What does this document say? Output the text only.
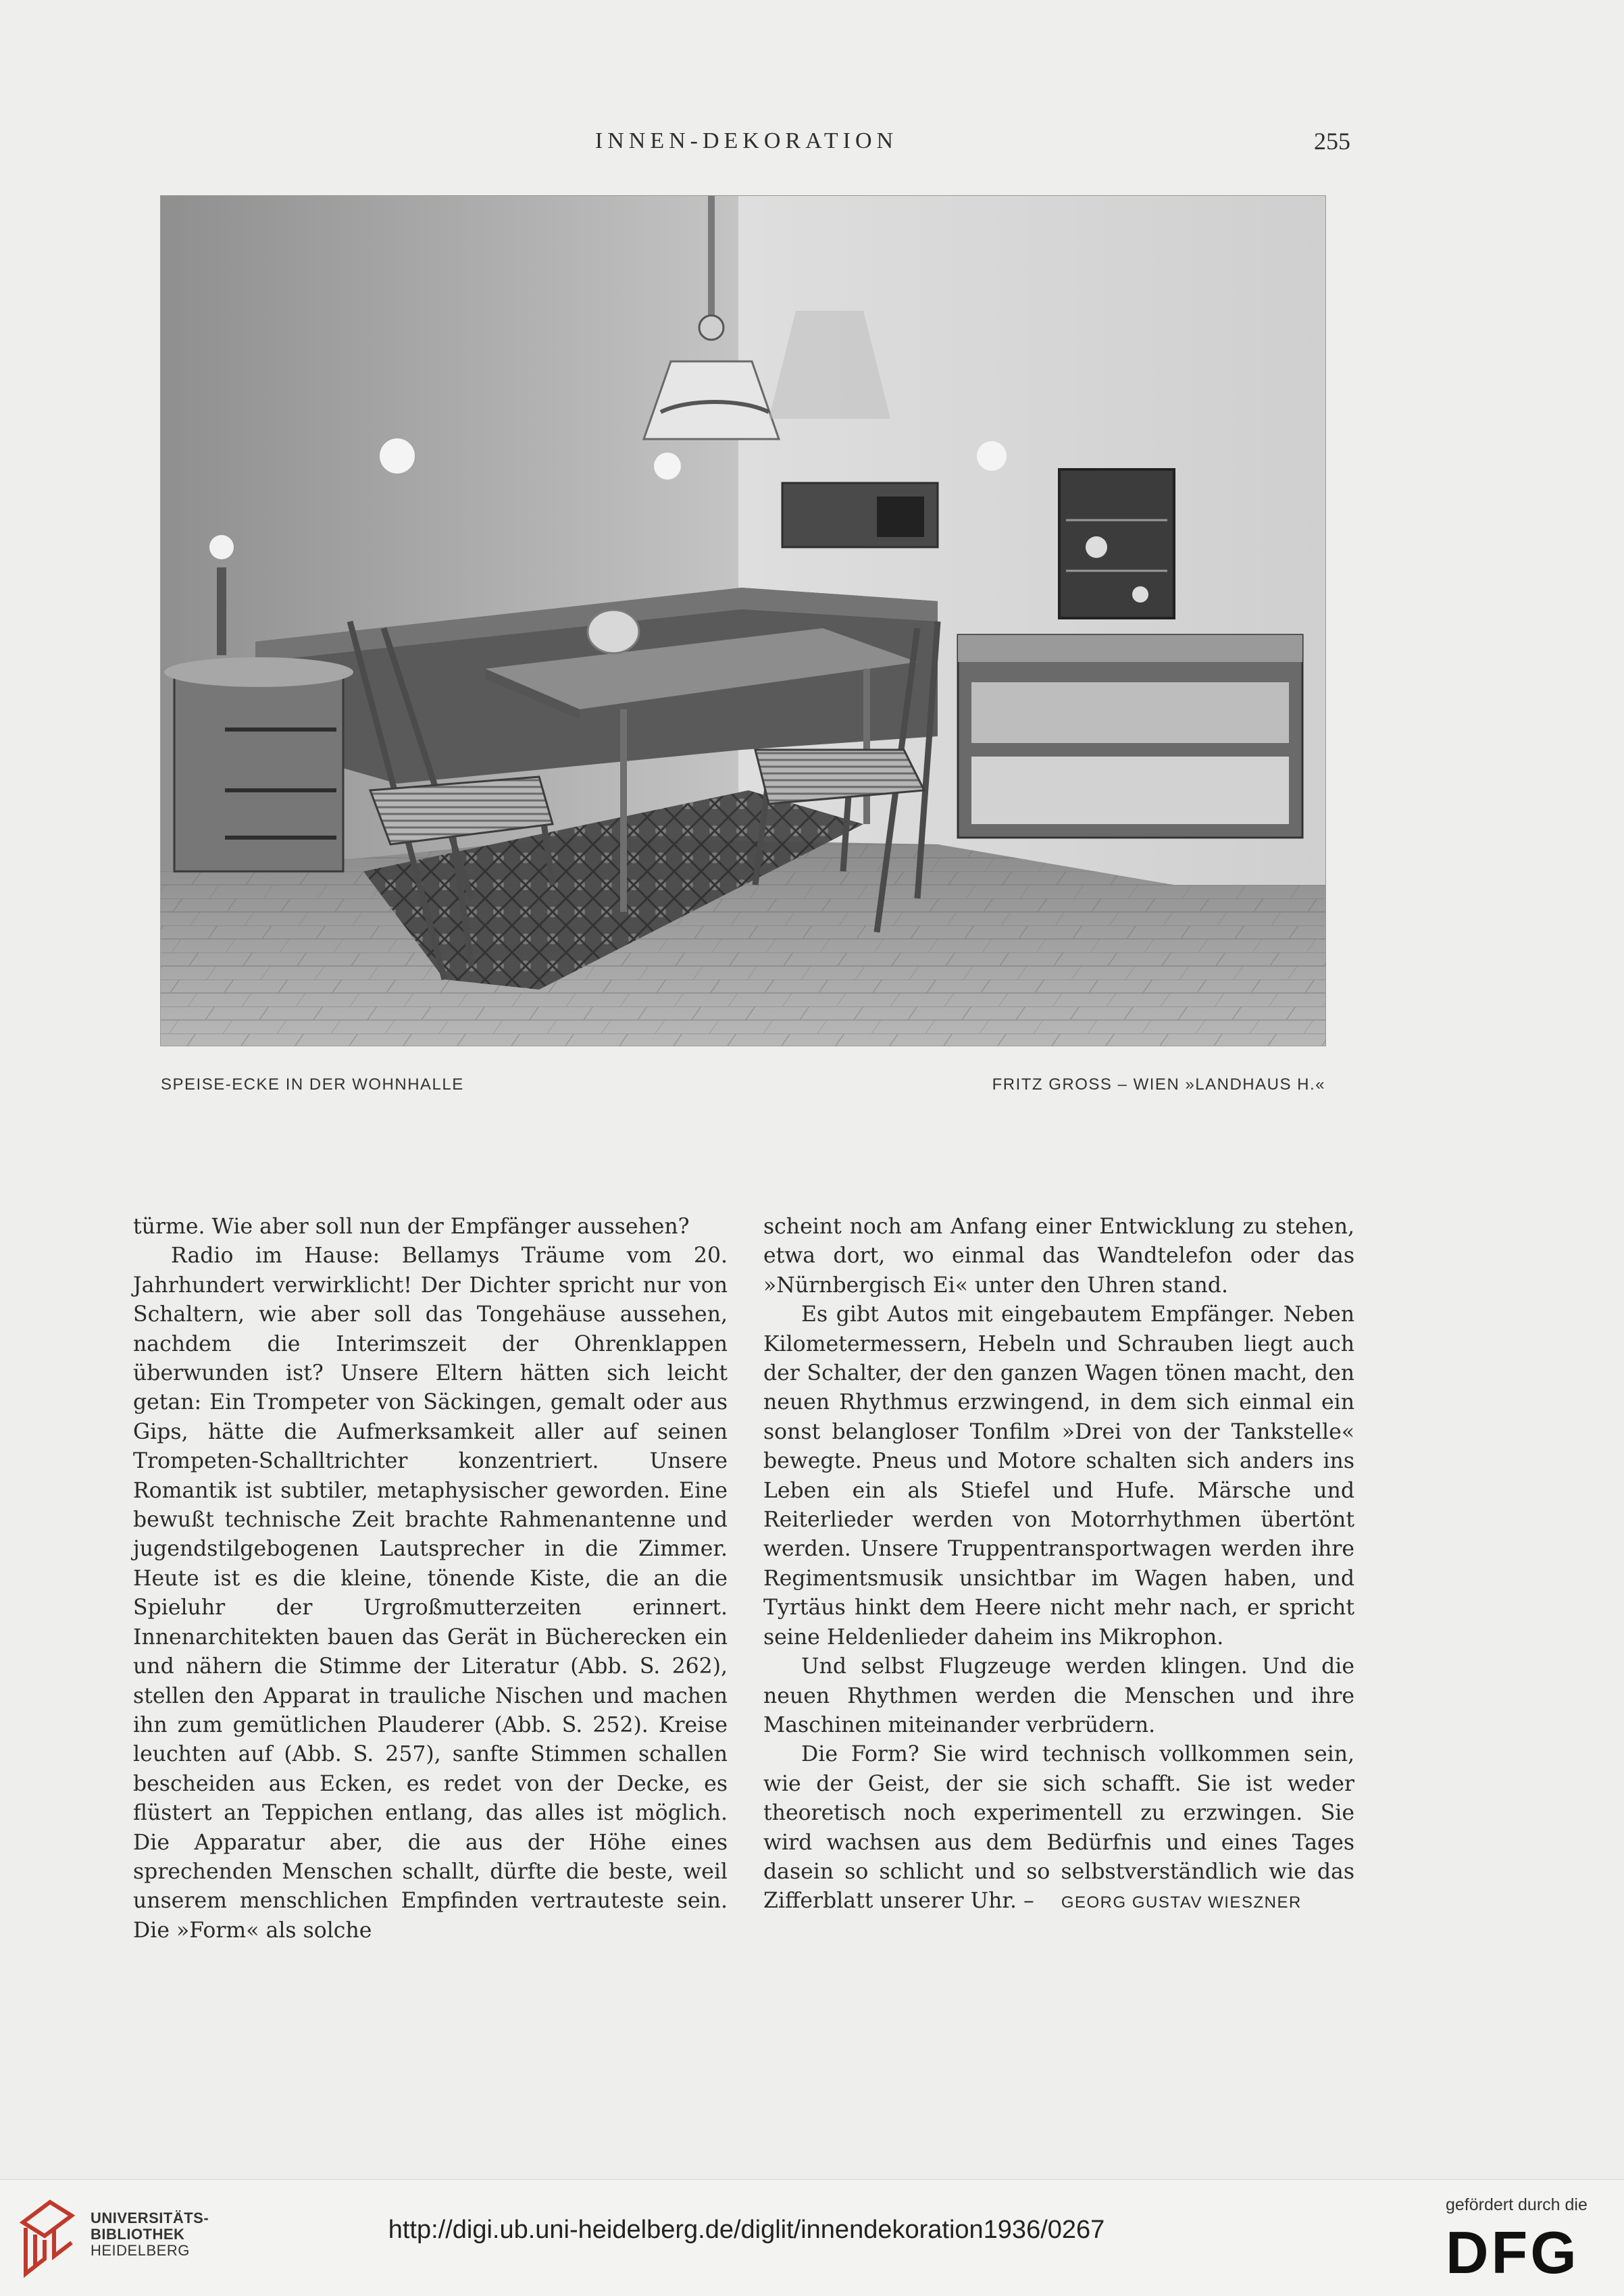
INNEN-DEKORATION	255
SPEISE-ECKE IN DER WOHNHALLE	FRITZ GROSS – WIEN »LANDHAUS H.«

türme. Wie aber soll nun der Empfänger aussehen?

Radio im Hause: Bellamys Träume vom 20. Jahrhundert verwirklicht! Der Dichter spricht nur von Schaltern, wie aber soll das Tongehäuse aussehen, nachdem die Interimszeit der Ohrenklappen überwunden ist? Unsere Eltern hätten sich leicht getan: Ein Trompeter von Säckingen, gemalt oder aus Gips, hätte die Aufmerksamkeit aller auf seinen Trompeten-Schalltrichter konzentriert. Unsere Romantik ist subtiler, metaphysischer geworden. Eine bewußt technische Zeit brachte Rahmenantenne und jugendstilgebogenen Lautsprecher in die Zimmer. Heute ist es die kleine, tönende Kiste, die an die Spieluhr der Urgroßmutterzeiten erinnert. Innenarchitekten bauen das Gerät in Bücherecken ein und nähern die Stimme der Literatur (Abb. S. 262), stellen den Apparat in trauliche Nischen und machen ihn zum gemütlichen Plauderer (Abb. S. 252). Kreise leuchten auf (Abb. S. 257), sanfte Stimmen schallen bescheiden aus Ecken, es redet von der Decke, es flüstert an Teppichen entlang, das alles ist möglich. Die Apparatur aber, die aus der Höhe eines sprechenden Menschen schallt, dürfte die beste, weil unserem menschlichen Empfinden vertrauteste sein. Die »Form« als solche

scheint noch am Anfang einer Entwicklung zu stehen, etwa dort, wo einmal das Wandtelefon oder das »Nürnbergisch Ei« unter den Uhren stand.

Es gibt Autos mit eingebautem Empfänger. Neben Kilometermessern, Hebeln und Schrauben liegt auch der Schalter, der den ganzen Wagen tönen macht, den neuen Rhythmus erzwingend, in dem sich einmal ein sonst belangloser Tonfilm »Drei von der Tankstelle« bewegte. Pneus und Motore schalten sich anders ins Leben ein als Stiefel und Hufe. Märsche und Reiterlieder werden von Motorrhythmen übertönt werden. Unsere Truppentransportwagen werden ihre Regimentsmusik unsichtbar im Wagen haben, und Tyrtäus hinkt dem Heere nicht mehr nach, er spricht seine Heldenlieder daheim ins Mikrophon.

Und selbst Flugzeuge werden klingen. Und die neuen Rhythmen werden die Menschen und ihre Maschinen miteinander verbrüdern.

Die Form? Sie wird technisch vollkommen sein, wie der Geist, der sie sich schafft. Sie ist weder theoretisch noch experimentell zu erzwingen. Sie wird wachsen aus dem Bedürfnis und eines Tages dasein so schlicht und so selbstverständlich wie das Zifferblatt unserer Uhr. – GEORG GUSTAV WIESZNER

UNIVERSITÄTS-
BIBLIOTHEK
HEIDELBERG
http://digi.ub.uni-heidelberg.de/diglit/innendekoration1936/0267
gefördert durch die
DFG
